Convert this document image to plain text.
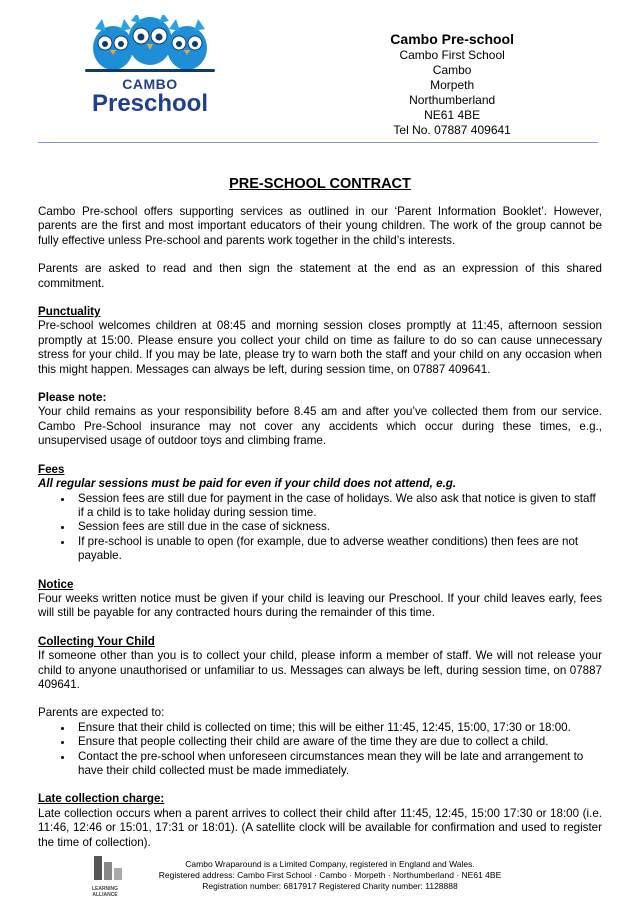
CAMBO
Preschool
Cambo Pre-school
Cambo First School
Cambo
Morpeth
Northumberland
NE61 4BE
Tel No. 07887 409641
PRE-SCHOOL CONTRACT

Cambo Pre-school offers supporting services as outlined in our ‘Parent Information Booklet’. However, parents are the first and most important educators of their young children. The work of the group cannot be fully effective unless Pre-school and parents work together in the child’s interests.

Parents are asked to read and then sign the statement at the end as an expression of this shared commitment.

Punctuality
Pre-school welcomes children at 08:45 and morning session closes promptly at 11:45, afternoon session promptly at 15:00. Please ensure you collect your child on time as failure to do so can cause unnecessary stress for your child. If you may be late, please try to warn both the staff and your child on any occasion when this might happen. Messages can always be left, during session time, on 07887 409641.
Please note:
Your child remains as your responsibility before 8.45 am and after you’ve collected them from our service. Cambo Pre-School insurance may not cover any accidents which occur during these times, e.g., unsupervised usage of outdoor toys and climbing frame.
Fees
All regular sessions must be paid for even if your child does not attend, e.g.
• Session fees are still due for payment in the case of holidays. We also ask that notice is given to staff if a child is to take holiday during session time.
• Session fees are still due in the case of sickness.
• If pre-school is unable to open (for example, due to adverse weather conditions) then fees are not payable.
Notice
Four weeks written notice must be given if your child is leaving our Preschool. If your child leaves early, fees will still be payable for any contracted hours during the remainder of this time.
Collecting Your Child
If someone other than you is to collect your child, please inform a member of staff. We will not release your child to anyone unauthorised or unfamiliar to us. Messages can always be left, during session time, on 07887 409641.
Parents are expected to:
• Ensure that their child is collected on time; this will be either 11:45, 12:45, 15:00, 17:30 or 18:00.
• Ensure that people collecting their child are aware of the time they are due to collect a child.
• Contact the pre-school when unforeseen circumstances mean they will be late and arrangement to have their child collected must be made immediately.
Late collection charge:
Late collection occurs when a parent arrives to collect their child after 11:45, 12:45, 15:00 17:30 or 18:00 (i.e. 11:46, 12:46 or 15:01, 17:31 or 18:01). (A satellite clock will be available for confirmation and used to register the time of collection).
LEARNING ALLIANCE
Cambo Wraparound is a Limited Company, registered in England and Wales.
Registered address: Cambo First School · Cambo · Morpeth · Northumberland · NE61 4BE
Registration number: 6817917 Registered Charity number: 1128888
